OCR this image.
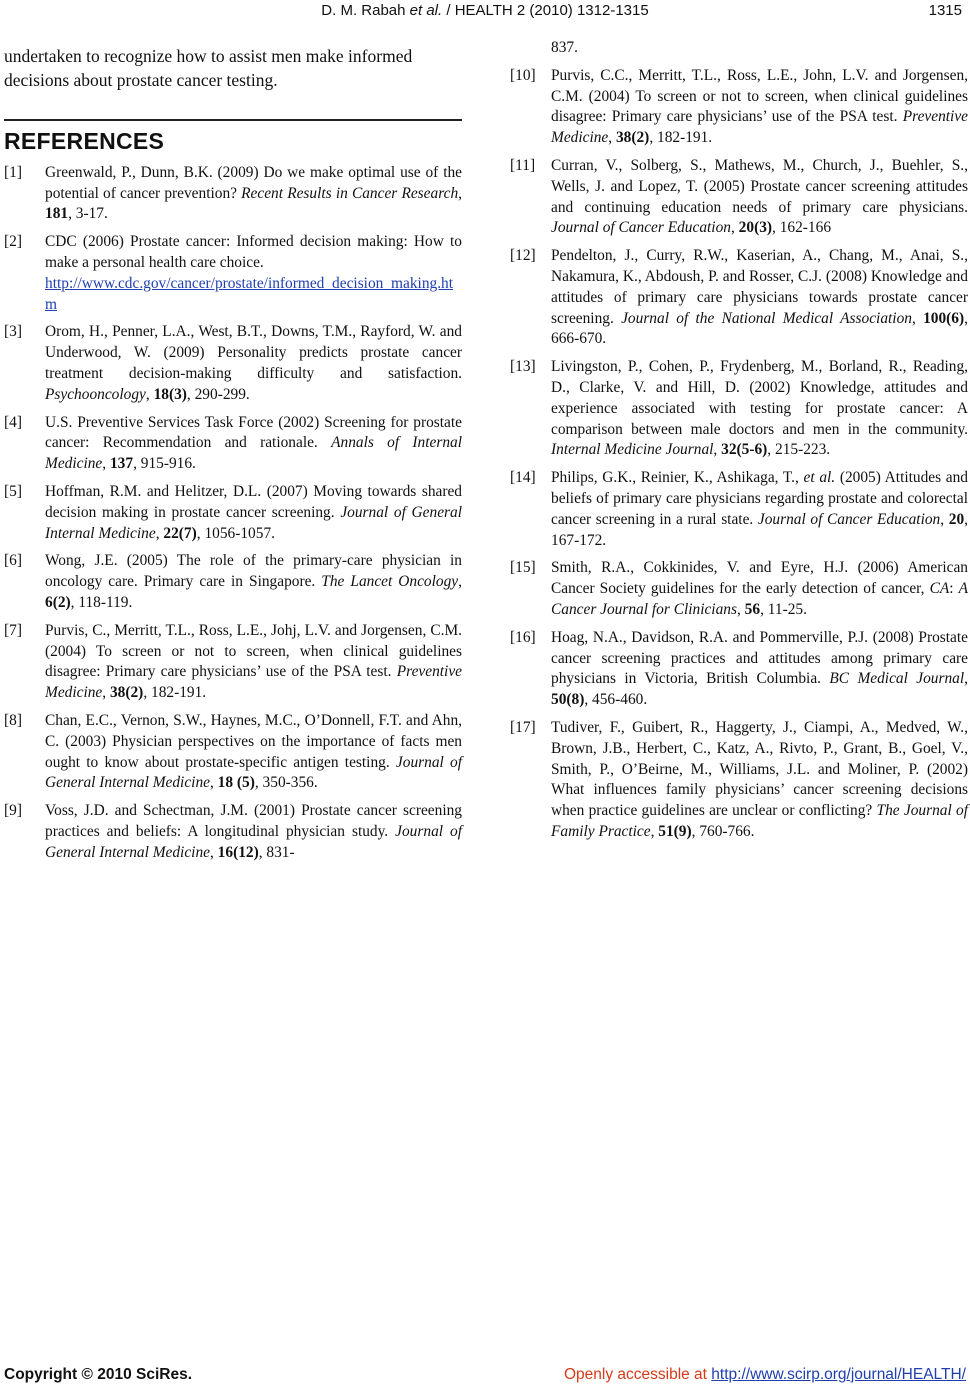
D. M. Rabah et al. / HEALTH 2 (2010) 1312-1315	1315

undertaken to recognize how to assist men make informed decisions about prostate cancer testing.

REFERENCES
[1] Greenwald, P., Dunn, B.K. (2009) Do we make optimal use of the potential of cancer prevention? Recent Results in Cancer Research, 181, 3-17.
[2] CDC (2006) Prostate cancer: Informed decision making: How to make a personal health care choice.
http://www.cdc.gov/cancer/prostate/informed_decision_making.htm
[3] Orom, H., Penner, L.A., West, B.T., Downs, T.M., Rayford, W. and Underwood, W. (2009) Personality predicts prostate cancer treatment decision-making difficulty and satisfaction. Psychooncology, 18(3), 290-299.
[4] U.S. Preventive Services Task Force (2002) Screening for prostate cancer: Recommendation and rationale. Annals of Internal Medicine, 137, 915-916.
[5] Hoffman, R.M. and Helitzer, D.L. (2007) Moving towards shared decision making in prostate cancer screening. Journal of General Internal Medicine, 22(7), 1056-1057.
[6] Wong, J.E. (2005) The role of the primary-care physician in oncology care. Primary care in Singapore. The Lancet Oncology, 6(2), 118-119.
[7] Purvis, C., Merritt, T.L., Ross, L.E., Johj, L.V. and Jorgensen, C.M. (2004) To screen or not to screen, when clinical guidelines disagree: Primary care physicians’ use of the PSA test. Preventive Medicine, 38(2), 182-191.
[8] Chan, E.C., Vernon, S.W., Haynes, M.C., O’Donnell, F.T. and Ahn, C. (2003) Physician perspectives on the importance of facts men ought to know about prostate-specific antigen testing. Journal of General Internal Medicine, 18 (5), 350-356.
[9] Voss, J.D. and Schectman, J.M. (2001) Prostate cancer screening practices and beliefs: A longitudinal physician study. Journal of General Internal Medicine, 16(12), 831-
837.
[10] Purvis, C.C., Merritt, T.L., Ross, L.E., John, L.V. and Jorgensen, C.M. (2004) To screen or not to screen, when clinical guidelines disagree: Primary care physicians’ use of the PSA test. Preventive Medicine, 38(2), 182-191.
[11] Curran, V., Solberg, S., Mathews, M., Church, J., Buehler, S., Wells, J. and Lopez, T. (2005) Prostate cancer screening attitudes and continuing education needs of primary care physicians. Journal of Cancer Education, 20(3), 162-166
[12] Pendelton, J., Curry, R.W., Kaserian, A., Chang, M., Anai, S., Nakamura, K., Abdoush, P. and Rosser, C.J. (2008) Knowledge and attitudes of primary care physicians towards prostate cancer screening. Journal of the National Medical Association, 100(6), 666-670.
[13] Livingston, P., Cohen, P., Frydenberg, M., Borland, R., Reading, D., Clarke, V. and Hill, D. (2002) Knowledge, attitudes and experience associated with testing for prostate cancer: A comparison between male doctors and men in the community. Internal Medicine Journal, 32(5-6), 215-223.
[14] Philips, G.K., Reinier, K., Ashikaga, T., et al. (2005) Attitudes and beliefs of primary care physicians regarding prostate and colorectal cancer screening in a rural state. Journal of Cancer Education, 20, 167-172.
[15] Smith, R.A., Cokkinides, V. and Eyre, H.J. (2006) American Cancer Society guidelines for the early detection of cancer, CA: A Cancer Journal for Clinicians, 56, 11-25.
[16] Hoag, N.A., Davidson, R.A. and Pommerville, P.J. (2008) Prostate cancer screening practices and attitudes among primary care physicians in Victoria, British Columbia. BC Medical Journal, 50(8), 456-460.
[17] Tudiver, F., Guibert, R., Haggerty, J., Ciampi, A., Medved, W., Brown, J.B., Herbert, C., Katz, A., Rivto, P., Grant, B., Goel, V., Smith, P., O’Beirne, M., Williams, J.L. and Moliner, P. (2002) What influences family physicians’ cancer screening decisions when practice guidelines are unclear or conflicting? The Journal of Family Practice, 51(9), 760-766.
Copyright © 2010 SciRes.	Openly accessible at http://www.scirp.org/journal/HEALTH/
